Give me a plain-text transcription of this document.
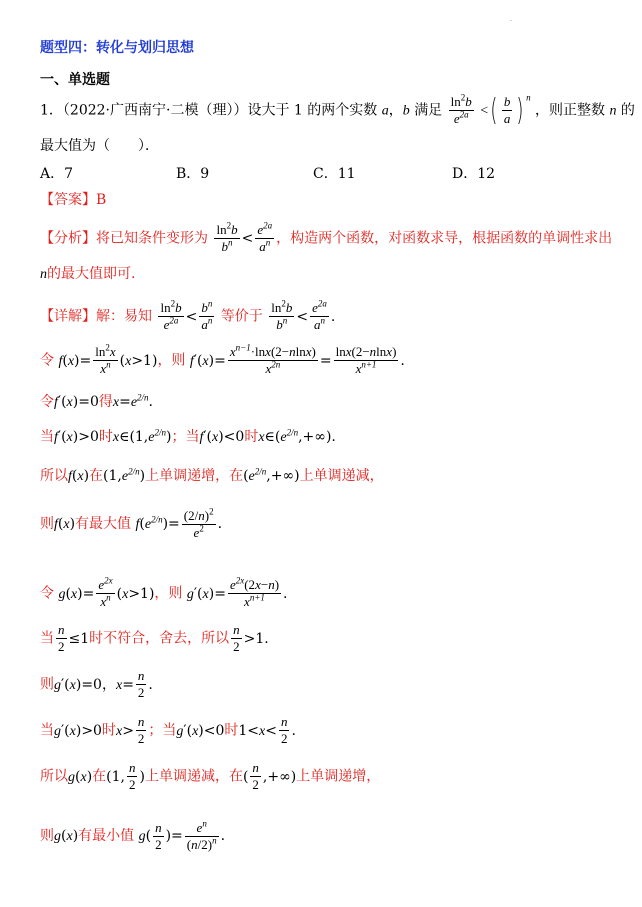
·
题型四：转化与划归思想
一、单选题
1．（2022·广西南宁·二模（理））设大于 1 的两个实数 a，b 满足 $\frac{\ln^2b}{e^{2a}}$ <( $\frac{b}{a}$ ) $^n$ ，则正整数 n 的
最大值为（　　）．
A．7	B．9	C．11	D．12
【答案】B
【分析】将已知条件变形为 $\frac{\ln^2b}{b^n} < \frac{e^{2a}}{a^n}$ ，构造两个函数，对函数求导，根据函数的单调性求出
n的最大值即可.
【详解】解：易知 $\frac{\ln^2b}{e^{2a}} < \frac{b^n}{a^n}$ 等价于 $\frac{\ln^2b}{b^n} < \frac{e^{2a}}{a^n}$ .
令 $f(x)= \frac{\ln^2x}{x^n} (x>1)$，则 $f'(x)= \frac{x^{n-1}\cdot\ln x(2-nlnx)}{x^{2n}} = \frac{\ln x(2-nlnx)}{x^{n+1}}$ .
令f′(x)=0得$x=e^{2/n}$.
当f′(x)>0时$x\in(1,e^{2/n})$；当f′(x)<0时$x\in(e^{2/n},+\infty)$.
所以f(x)在$(1,e^{2/n})$上单调递增，在$(e^{2/n},+\infty)$上单调递减，
则f(x)有最大值 $f(e^{2/n})= \frac{(2/n)^2}{e^2}$ .
令 $g(x)= \frac{e^{2x}}{x^n} (x>1)$，则 $g'(x)= \frac{e^{2x}(2x-n)}{x^{n+1}}$ .
当 $\frac{n}{2} \le 1$时不符合，舍去，所以 $\frac{n}{2} >1$.
则g′(x)=0，$x= \frac{n}{2}$ .
当g′(x)>0时$x> \frac{n}{2}$ ；当g′(x)<0时$1<x< \frac{n}{2}$ .
所以g(x)在(1, $\frac{n}{2}$ )上单调递减，在( $\frac{n}{2}$ ,+∞)上单调递增，
则g(x)有最小值 $g( \frac{n}{2}$ )= $\frac{e^n}{(n/2)^n}$ .
